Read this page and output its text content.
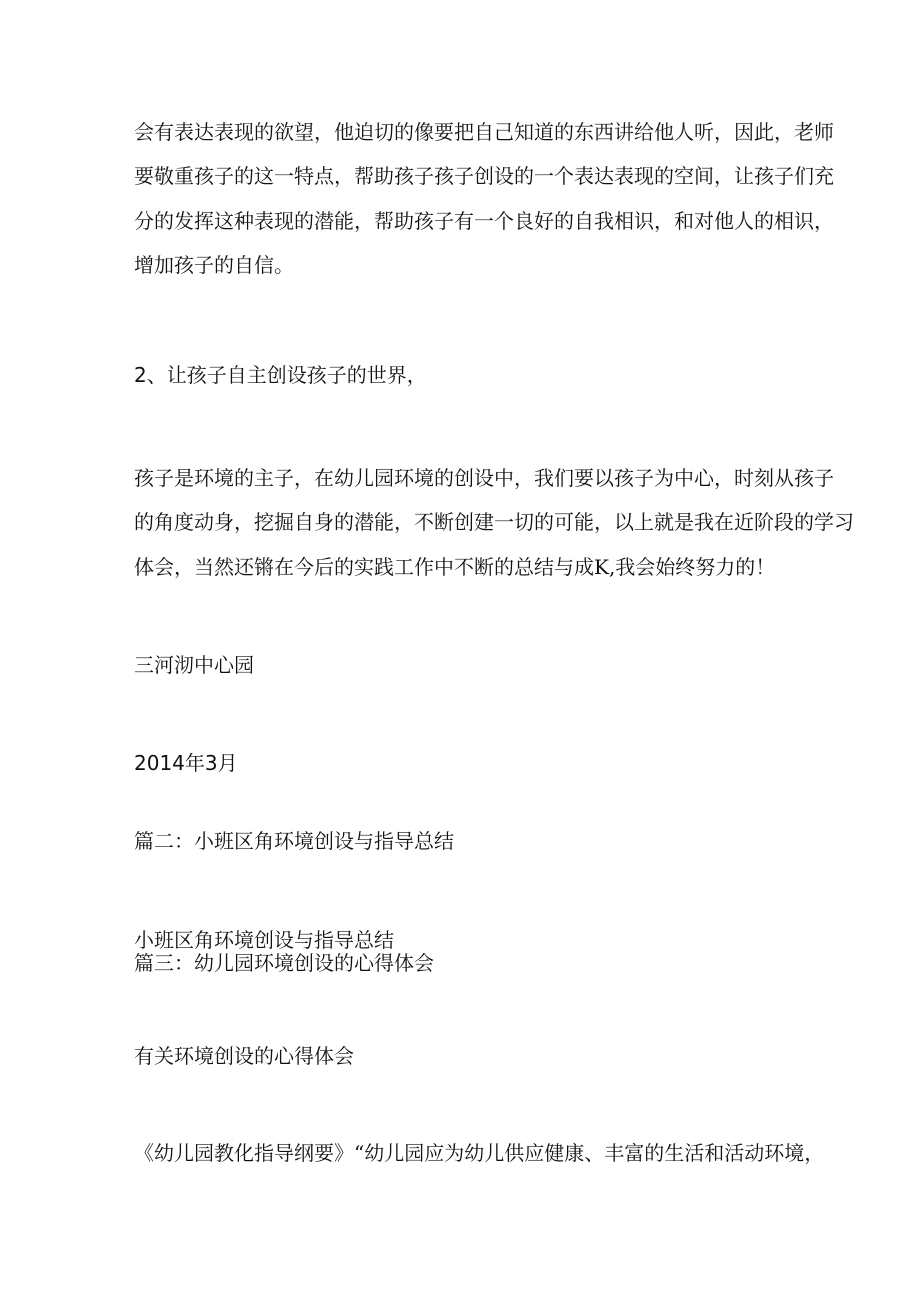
会有表达表现的欲望，他迫切的像要把自己知道的东西讲给他人听，因此，老师
要敬重孩子的这一特点，帮助孩子孩子创设的一个表达表现的空间，让孩子们充
分的发挥这种表现的潜能，帮助孩子有一个良好的自我相识，和对他人的相识，
增加孩子的自信。
2、让孩子自主创设孩子的世界，
孩子是环境的主子，在幼儿园环境的创设中，我们要以孩子为中心，时刻从孩子
的角度动身，挖掘自身的潜能，不断创建一切的可能，以上就是我在近阶段的学习
体会，当然还锵在今后的实践工作中不断的总结与成K,我会始终努力的！
三河沏中心园
2014年3月
篇二：小班区角环境创设与指导总结
小班区角环境创设与指导总结
篇三：幼儿园环境创设的心得体会
有关环境创设的心得体会
《幼儿园教化指导纲要》“幼儿园应为幼儿供应健康、丰富的生活和活动环境，
